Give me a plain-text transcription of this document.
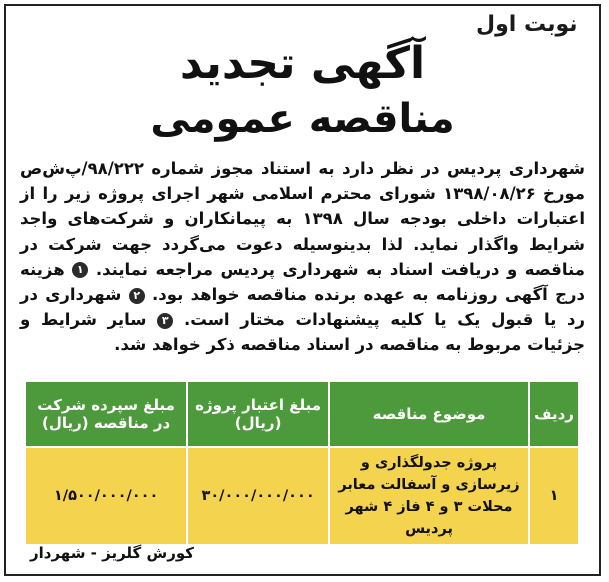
نوبت اول
آگهی تجدید
مناقصه عمومی
شهرداری پردیس در نظر دارد به استناد مجوز شماره ۹۸/۲۲۲/پ‌ش‌ص مورخ ۱۳۹۸/۰۸/۲۶ شورای محترم اسلامی شهر اجرای پروژه زیر را از اعتبارات داخلی بودجه سال ۱۳۹۸ به پیمانکاران و شرکت‌های واجد شرایط واگذار نماید. لذا بدینوسیله دعوت می‌گردد جهت شرکت در مناقصه و دریافت اسناد به شهرداری پردیس مراجعه نمایند. ۱ هزینه درج آگهی روزنامه به عهده برنده مناقصه خواهد بود. ۲ شهرداری در رد یا قبول یک یا کلیه پیشنهادات مختار است. ۳ سایر شرایط و جزئیات مربوط به مناقصه در اسناد مناقصه ذکر خواهد شد.
ردیف	موضوع مناقصه	مبلغ اعتبار پروژه (ریال)	مبلغ سپرده شرکت در مناقصه (ریال)
۱	پروژه جدولگذاری و زیرسازی و آسفالت معابر محلات ۳ و ۴ فاز ۴ شهر پردیس	۳۰/۰۰۰/۰۰۰/۰۰۰	۱/۵۰۰/۰۰۰/۰۰۰
کورش گلریز - شهردار
